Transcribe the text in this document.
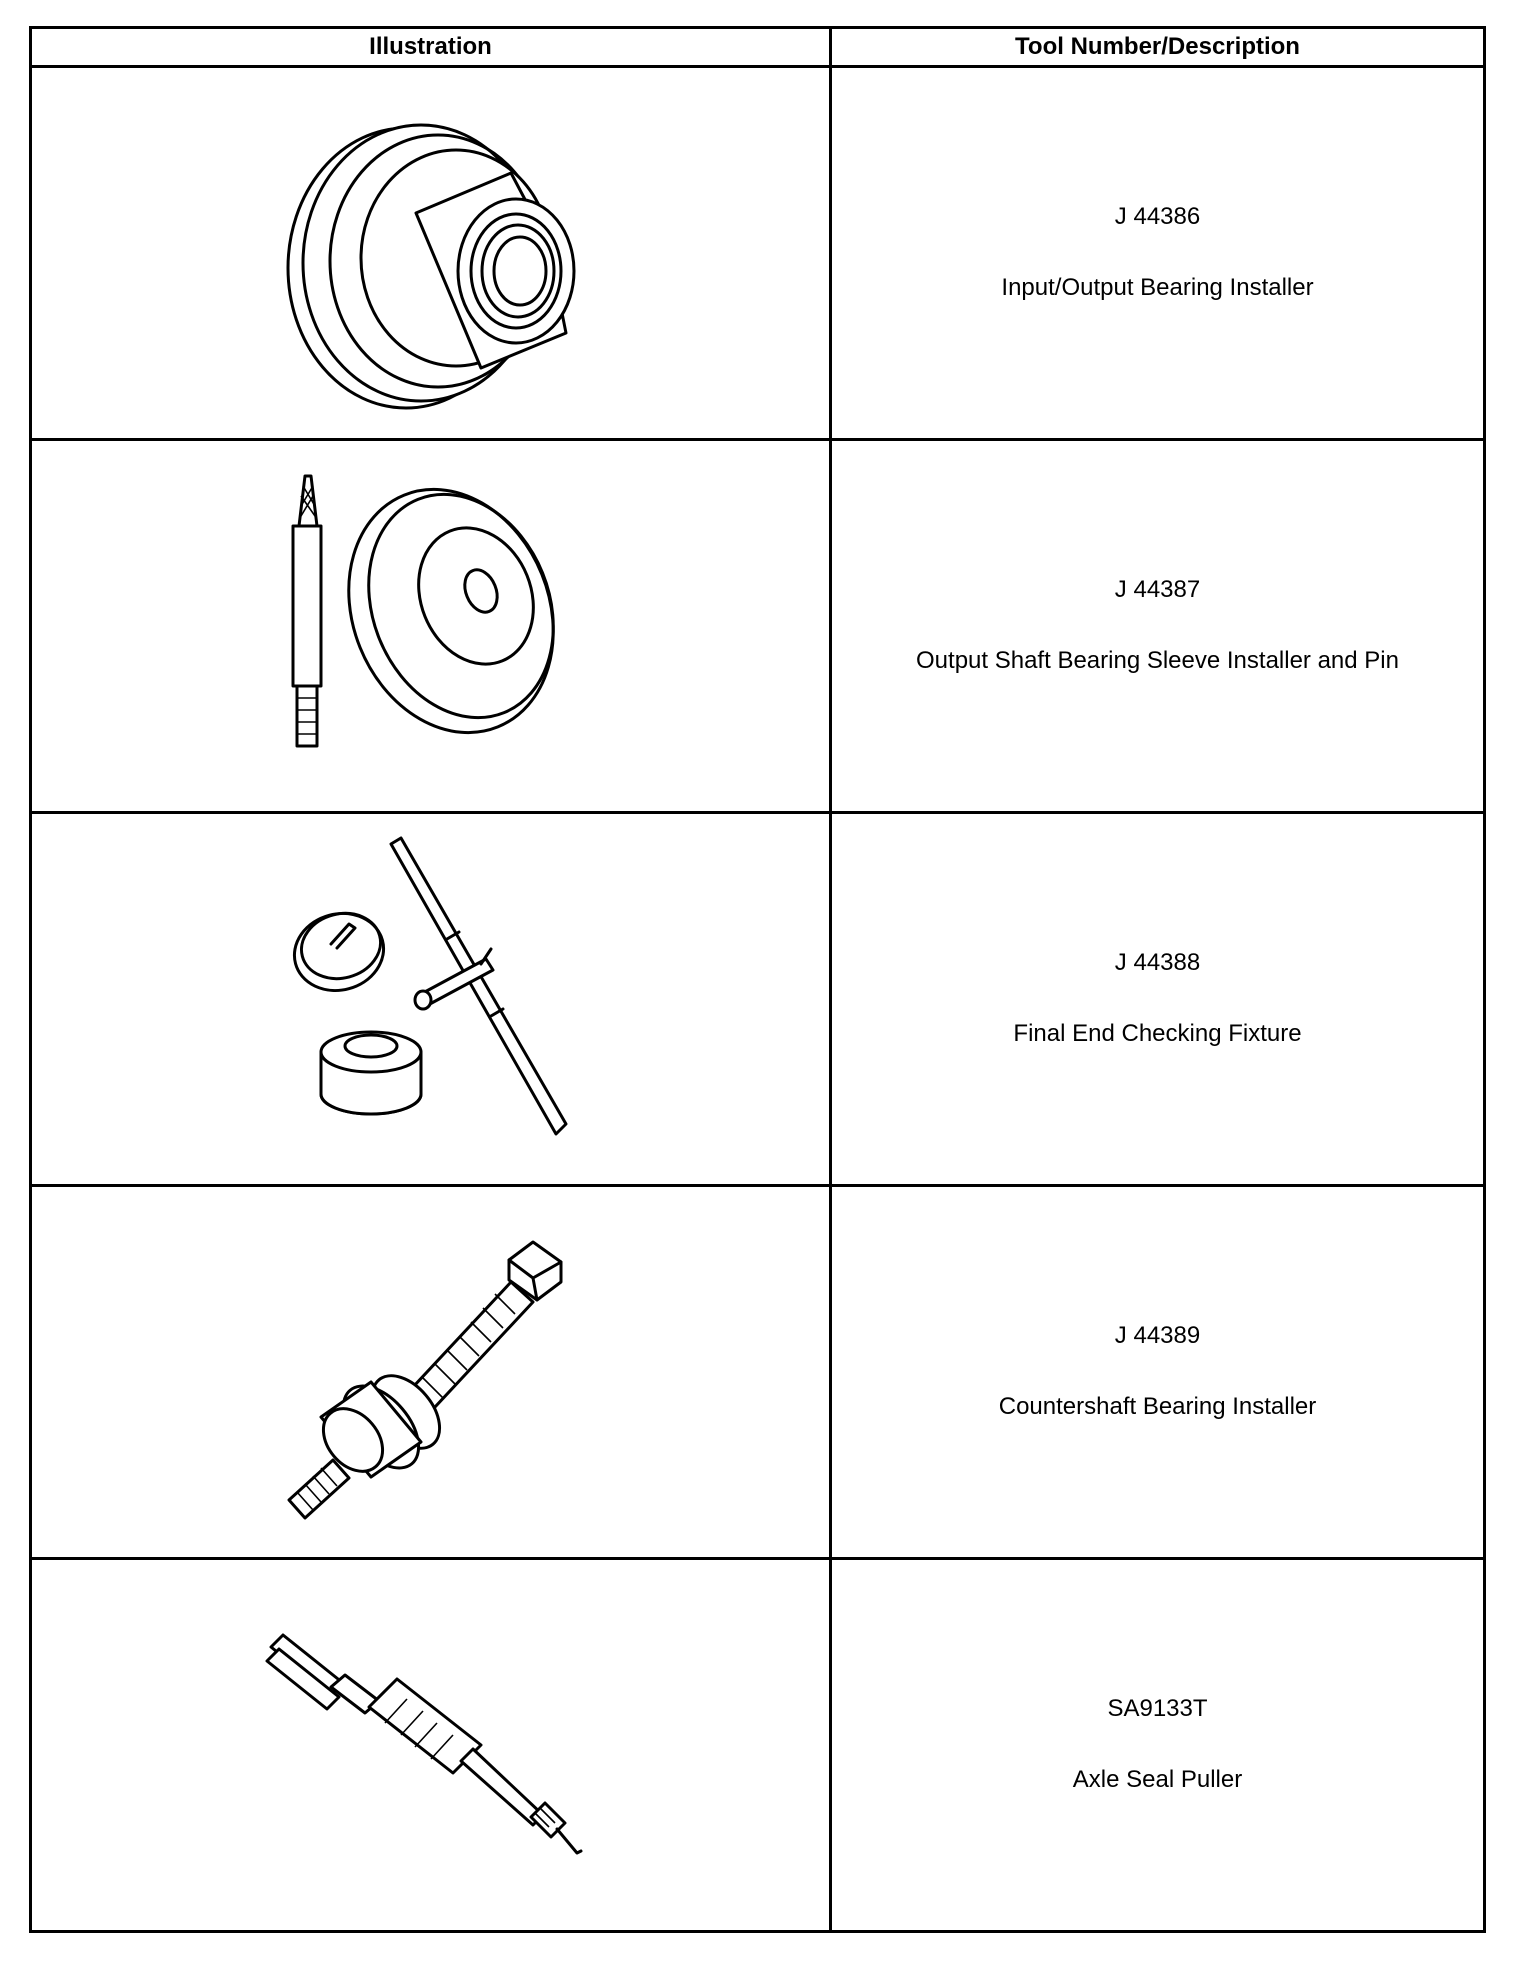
Illustration	Tool Number/Description

J 44386
Input/Output Bearing Installer

J 44387
Output Shaft Bearing Sleeve Installer and Pin

J 44388
Final End Checking Fixture

J 44389
Countershaft Bearing Installer

SA9133T
Axle Seal Puller
